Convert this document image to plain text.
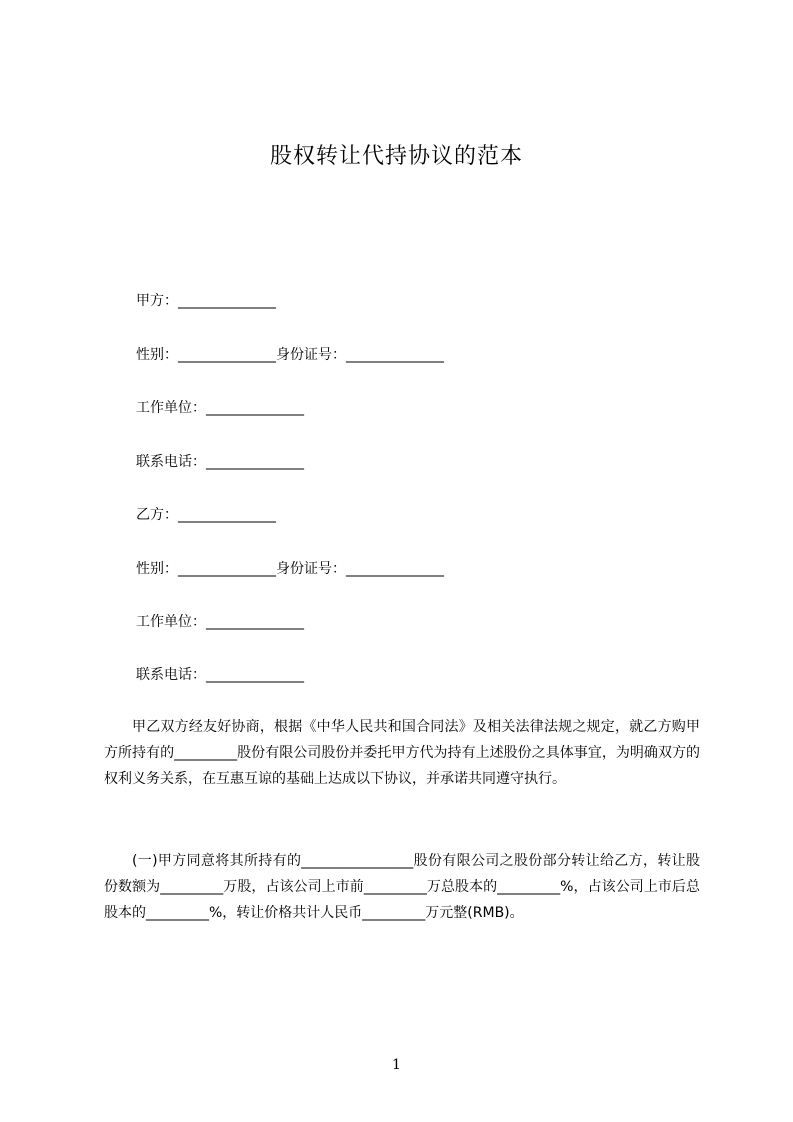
股权转让代持协议的范本
甲方：______________
性别：______________身份证号：______________
工作单位：______________
联系电话：______________
乙方：______________
性别：______________身份证号：______________
工作单位：______________
联系电话：______________
甲乙双方经友好协商，根据《中华人民共和国合同法》及相关法律法规之规定，就乙方购甲方所持有的_________股份有限公司股份并委托甲方代为持有上述股份之具体事宜，为明确双方的权利义务关系，在互惠互谅的基础上达成以下协议，并承诺共同遵守执行。
(一)甲方同意将其所持有的________________股份有限公司之股份部分转让给乙方，转让股份数额为_________万股，占该公司上市前_________万总股本的_________%，占该公司上市后总股本的_________%，转让价格共计人民币_________万元整(RMB)。
1
